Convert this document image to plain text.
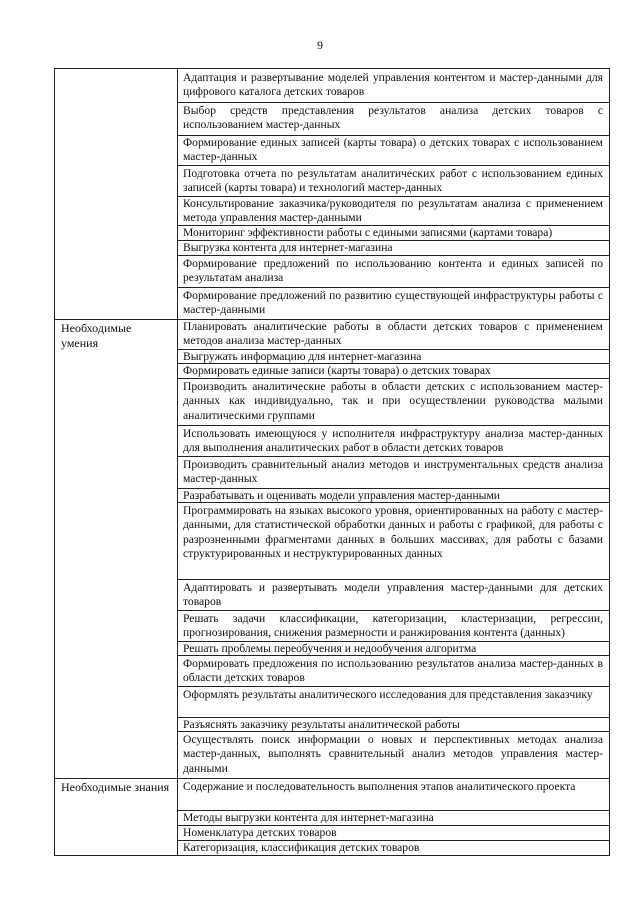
9
Адаптация и развертывание моделей управления контентом и мастер-данными для цифрового каталога детских товаров
Выбор средств представления результатов анализа детских товаров с использованием мастер-данных
Формирование единых записей (карты товара) о детских товарах с использованием мастер-данных
Подготовка отчета по результатам аналитических работ с использованием единых записей (карты товара) и технологий мастер-данных
Консультирование заказчика/руководителя по результатам анализа с применением метода управления мастер-данными
Мониторинг эффективности работы с едиными записями (картами товара)
Выгрузка контента для интернет-магазина
Формирование предложений по использованию контента и единых записей по результатам анализа
Формирование предложений по развитию существующей инфраструктуры работы с мастер-данными
Необходимые умения
Планировать аналитические работы в области детских товаров с применением методов анализа мастер-данных
Выгружать информацию для интернет-магазина
Формировать единые записи (карты товара) о детских товарах
Производить аналитические работы в области детских с использованием мастер-данных как индивидуально, так и при осуществлении руководства малыми аналитическими группами
Использовать имеющуюся у исполнителя инфраструктуру анализа мастер-данных для выполнения аналитических работ в области детских товаров
Производить сравнительный анализ методов и инструментальных средств анализа мастер-данных
Разрабатывать и оценивать модели управления мастер-данными
Программировать на языках высокого уровня, ориентированных на работу с мастер-данными, для статистической обработки данных и работы с графикой, для работы с разрозненными фрагментами данных в больших массивах, для работы с базами структурированных и неструктурированных данных
Адаптировать и развертывать модели управления мастер-данными для детских товаров
Решать задачи классификации, категоризации, кластеризации, регрессии, прогнозирования, снижения размерности и ранжирования контента (данных)
Решать проблемы переобучения и недообучения алгоритма
Формировать предложения по использованию результатов анализа мастер-данных в области детских товаров
Оформлять результаты аналитического исследования для представления заказчику
Разъяснять заказчику результаты аналитической работы
Осуществлять поиск информации о новых и перспективных методах анализа мастер-данных, выполнять сравнительный анализ методов управления мастер-данными
Необходимые знания Содержание и последовательность выполнения этапов аналитического проекта
Методы выгрузки контента для интернет-магазина
Номенклатура детских товаров
Категоризация, классификация детских товаров
